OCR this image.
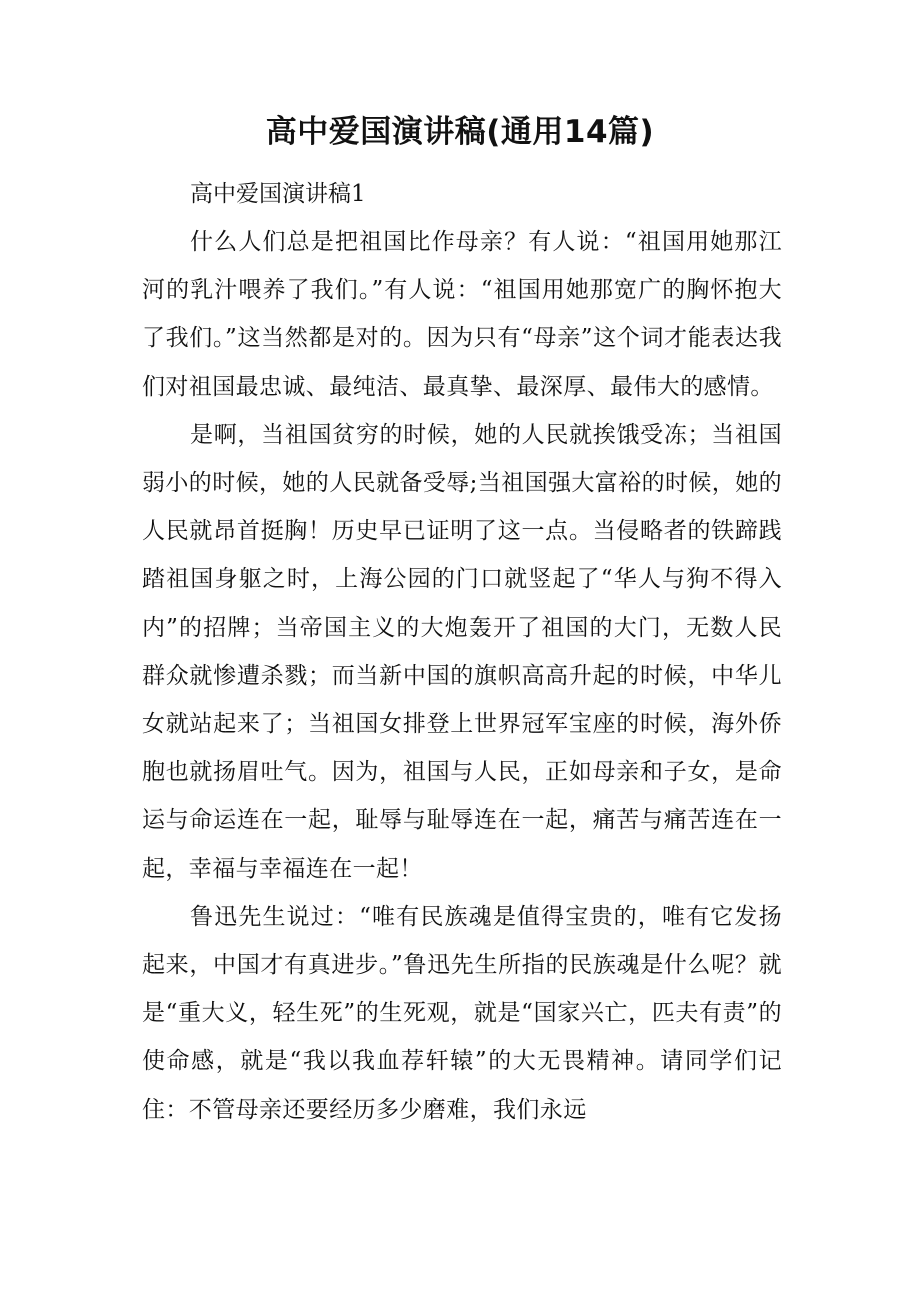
高中爱国演讲稿(通用14篇)

高中爱国演讲稿1

什么人们总是把祖国比作母亲？有人说：“祖国用她那江河的乳汁喂养了我们。”有人说：“祖国用她那宽广的胸怀抱大了我们。”这当然都是对的。因为只有“母亲”这个词才能表达我们对祖国最忠诚、最纯洁、最真挚、最深厚、最伟大的感情。

是啊，当祖国贫穷的时候，她的人民就挨饿受冻；当祖国弱小的时候，她的人民就备受辱;当祖国强大富裕的时候，她的人民就昂首挺胸！历史早已证明了这一点。当侵略者的铁蹄践踏祖国身躯之时，上海公园的门口就竖起了“华人与狗不得入内”的招牌；当帝国主义的大炮轰开了祖国的大门，无数人民群众就惨遭杀戮；而当新中国的旗帜高高升起的时候，中华儿女就站起来了；当祖国女排登上世界冠军宝座的时候，海外侨胞也就扬眉吐气。因为，祖国与人民，正如母亲和子女，是命运与命运连在一起，耻辱与耻辱连在一起，痛苦与痛苦连在一起，幸福与幸福连在一起！

鲁迅先生说过：“唯有民族魂是值得宝贵的，唯有它发扬起来，中国才有真进步。”鲁迅先生所指的民族魂是什么呢？就是“重大义，轻生死”的生死观，就是“国家兴亡，匹夫有责”的使命感，就是“我以我血荐轩辕”的大无畏精神。请同学们记住：不管母亲还要经历多少磨难，我们永远
